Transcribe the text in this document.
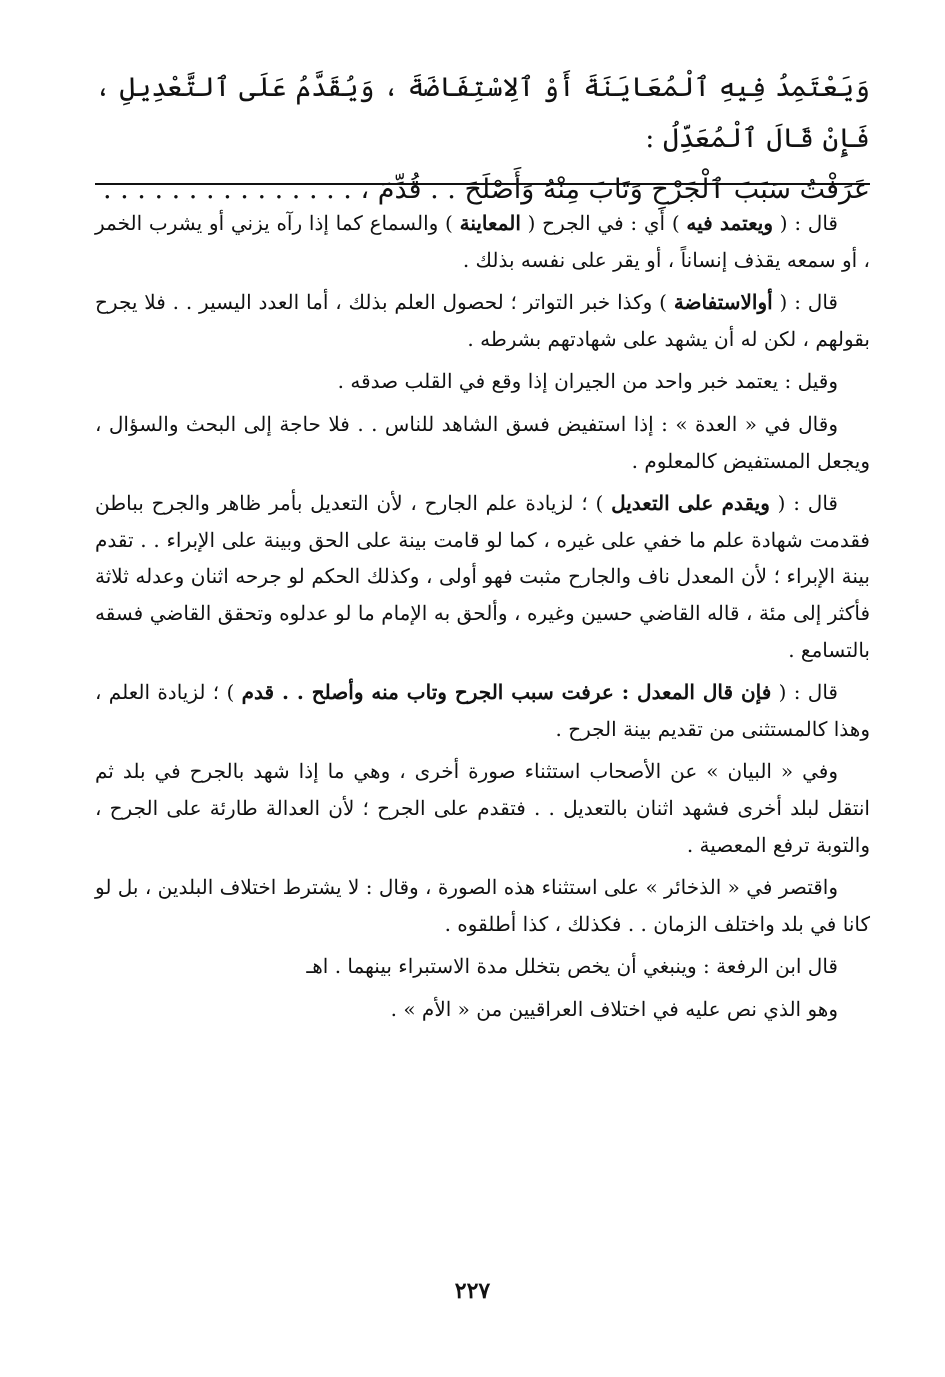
وَيَعْتَمِدُ فِيهِ ٱلْمُعَايَنَةَ أَوْ ٱلِاسْتِفَاضَةَ ، وَيُقَدَّمُ عَلَى ٱلتَّعْدِيلِ ، فَإِنْ قَالَ ٱلْمُعَدِّلُ :

عَرَفْتُ سَبَبَ ٱلْجَرْحِ وَتَابَ مِنْهُ وَأَصْلَحَ . . قُدِّمَ ، . . . . . . . . . . . . . . .

قال : ( ويعتمد فيه ) أي : في الجرح ( المعاينة ) والسماع كما إذا رآه يزني أو يشرب الخمر ، أو سمعه يقذف إنساناً ، أو يقر على نفسه بذلك .

قال : ( أوالاستفاضة ) وكذا خبر التواتر ؛ لحصول العلم بذلك ، أما العدد اليسير . . فلا يجرح بقولهم ، لكن له أن يشهد على شهادتهم بشرطه .

وقيل : يعتمد خبر واحد من الجيران إذا وقع في القلب صدقه .

وقال في « العدة » : إذا استفيض فسق الشاهد للناس . . فلا حاجة إلى البحث والسؤال ، ويجعل المستفيض كالمعلوم .

قال : ( ويقدم على التعديل ) ؛ لزيادة علم الجارح ، لأن التعديل بأمر ظاهر والجرح بباطن فقدمت شهادة علم ما خفي على غيره ، كما لو قامت بينة على الحق وبينة على الإبراء . . تقدم بينة الإبراء ؛ لأن المعدل ناف والجارح مثبت فهو أولى ، وكذلك الحكم لو جرحه اثنان وعدله ثلاثة فأكثر إلى مئة ، قاله القاضي حسين وغيره ، وألحق به الإمام ما لو عدلوه وتحقق القاضي فسقه بالتسامع .

قال : ( فإن قال المعدل : عرفت سبب الجرح وتاب منه وأصلح . . قدم ) ؛ لزيادة العلم ، وهذا كالمستثنى من تقديم بينة الجرح .

وفي « البيان » عن الأصحاب استثناء صورة أخرى ، وهي ما إذا شهد بالجرح في بلد ثم انتقل لبلد أخرى فشهد اثنان بالتعديل . . فتقدم على الجرح ؛ لأن العدالة طارئة على الجرح ، والتوبة ترفع المعصية .

واقتصر في « الذخائر » على استثناء هذه الصورة ، وقال : لا يشترط اختلاف البلدين ، بل لو كانا في بلد واختلف الزمان . . فكذلك ، كذا أطلقوه .

قال ابن الرفعة : وينبغي أن يخص بتخلل مدة الاستبراء بينهما . اهـ

وهو الذي نص عليه في اختلاف العراقيين من « الأم » .

٢٢٧
